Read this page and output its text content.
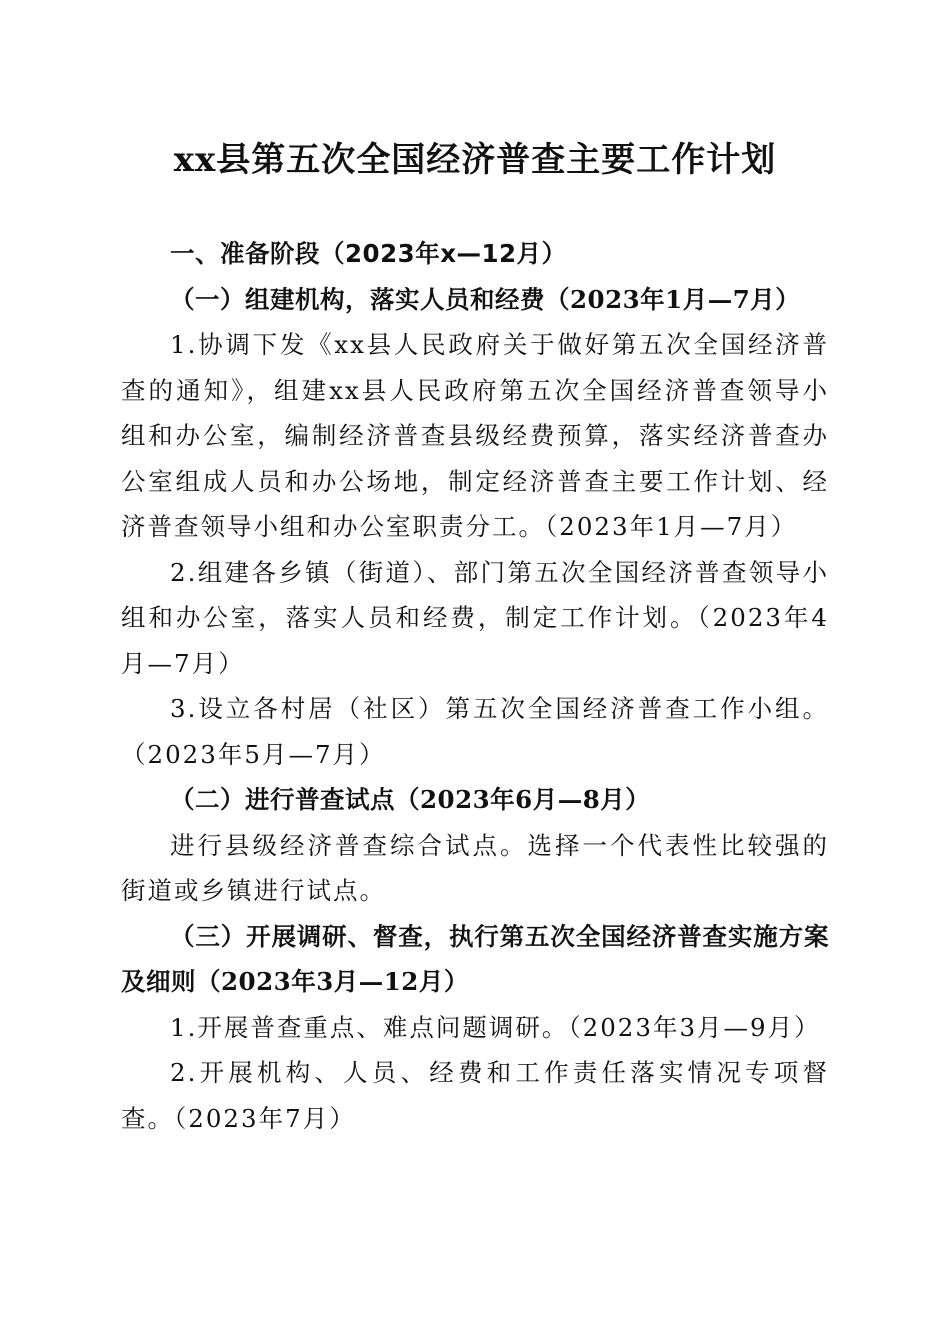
xx县第五次全国经济普查主要工作计划

一、准备阶段（2023年x—12月）

（一）组建机构，落实人员和经费（2023年1月—7月）

1.协调下发《xx县人民政府关于做好第五次全国经济普查的通知》，组建xx县人民政府第五次全国经济普查领导小组和办公室，编制经济普查县级经费预算，落实经济普查办公室组成人员和办公场地，制定经济普查主要工作计划、经济普查领导小组和办公室职责分工。（2023年1月—7月）

2.组建各乡镇（街道）、部门第五次全国经济普查领导小组和办公室，落实人员和经费，制定工作计划。（2023年4月—7月）

3.设立各村居（社区）第五次全国经济普查工作小组。（2023年5月—7月）

（二）进行普查试点（2023年6月—8月）

进行县级经济普查综合试点。选择一个代表性比较强的街道或乡镇进行试点。

（三）开展调研、督查，执行第五次全国经济普查实施方案及细则（2023年3月—12月）

1.开展普查重点、难点问题调研。（2023年3月—9月）

2.开展机构、人员、经费和工作责任落实情况专项督查。（2023年7月）
